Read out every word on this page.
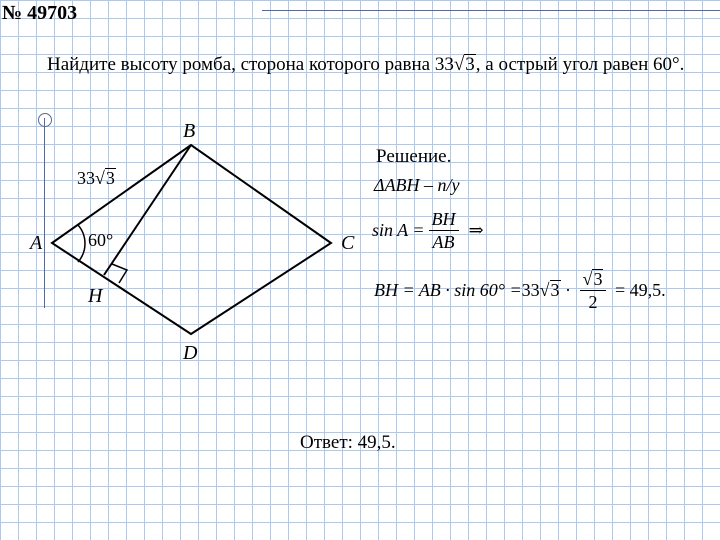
№ 49703
Найдите высоту ромба, сторона которого равна 33√3, а острый угол равен 60°.
B
A	C
D
H
33√3
60°
Решение.
ΔABH – п/у
$\sin A = \frac{BH}{AB}$ ⇒
BH = AB · $\sin 60^\circ = 33√3 \cdot \frac{√3}{2} = 49,5$.
Ответ: 49,5.
